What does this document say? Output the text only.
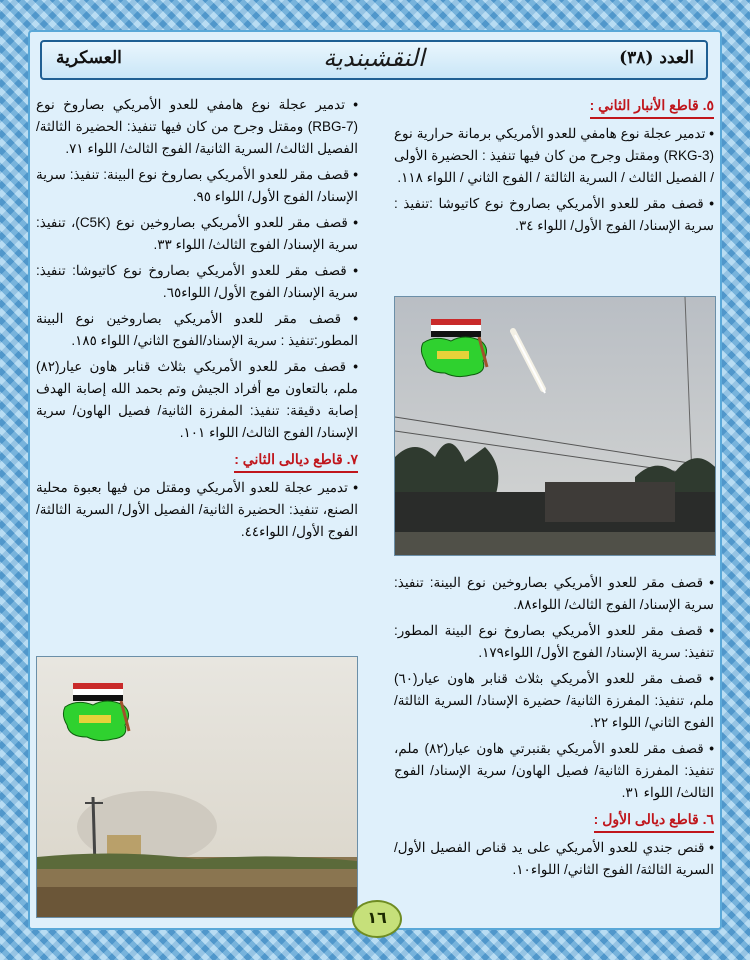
العدد (٣٨)
النقشبندية
العسكرية
٥. قاطع الأنبار الثاني :

• تدمير عجلة نوع هامفي للعدو الأمريكي برمانة حرارية نوع (RKG-3) ومقتل وجرح من كان فيها تنفيذ : الحضيرة الأولى / الفصيل الثالث / السرية الثالثة / الفوج الثاني / اللواء ١١٨.

• قصف مقر للعدو الأمريكي بصاروخ نوع كاتيوشا :تنفيذ : سرية الإسناد/ الفوج الأول/ اللواء ٣٤.

• قصف مقر للعدو الأمريكي بصاروخين نوع البينة: تنفيذ: سرية الإسناد/ الفوج الثالث/ اللواء٨٨.

• قصف مقر للعدو الأمريكي بصاروخ نوع البينة المطور: تنفيذ: سرية الإسناد/ الفوج الأول/ اللواء١٧٩.

• قصف مقر للعدو الأمريكي بثلاث قنابر هاون عيار(٦٠) ملم، تنفيذ: المفرزة الثانية/ حضيرة الإسناد/ السرية الثالثة/ الفوج الثاني/ اللواء ٢٢.

• قصف مقر للعدو الأمريكي بقنبرتي هاون عيار(٨٢) ملم، تنفيذ: المفرزة الثانية/ فصيل الهاون/ سرية الإسناد/ الفوج الثالث/ اللواء ٣١.

٦. قاطع ديالى الأول :

• قنص جندي للعدو الأمريكي على يد قناص الفصيل الأول/ السرية الثالثة/ الفوج الثاني/ اللواء١٠.

• تدمير عجلة نوع هامفي للعدو الأمريكي بصاروخ نوع (RBG-7) ومقتل وجرح من كان فيها تنفيذ: الحضيرة الثالثة/ الفصيل الثالث/ السرية الثانية/ الفوج الثالث/ اللواء ٧١.

• قصف مقر للعدو الأمريكي بصاروخ نوع البينة: تنفيذ: سرية الإسناد/ الفوج الأول/ اللواء ٩٥.

• قصف مقر للعدو الأمريكي بصاروخين نوع (C5K)، تنفيذ: سرية الإسناد/ الفوج الثالث/ اللواء ٣٣.

• قصف مقر للعدو الأمريكي بصاروخ نوع كاتيوشا: تنفيذ: سرية الإسناد/ الفوج الأول/ اللواء٦٥.

• قصف مقر للعدو الأمريكي بصاروخين نوع البينة المطور:تنفيذ : سرية الإسناد/الفوج الثاني/ اللواء ١٨٥.

• قصف مقر للعدو الأمريكي بثلاث قنابر هاون عيار(٨٢) ملم، بالتعاون مع أفراد الجيش وتم بحمد الله إصابة الهدف إصابة دقيقة: تنفيذ: المفرزة الثانية/ فصيل الهاون/ سرية الإسناد/ الفوج الثالث/ اللواء ١٠١.

٧. قاطع ديالى الثاني :

• تدمير عجلة للعدو الأمريكي ومقتل من فيها بعبوة محلية الصنع، تنفيذ: الحضيرة الثانية/ الفصيل الأول/ السرية الثالثة/ الفوج الأول/ اللواء٤٤.

١٦
